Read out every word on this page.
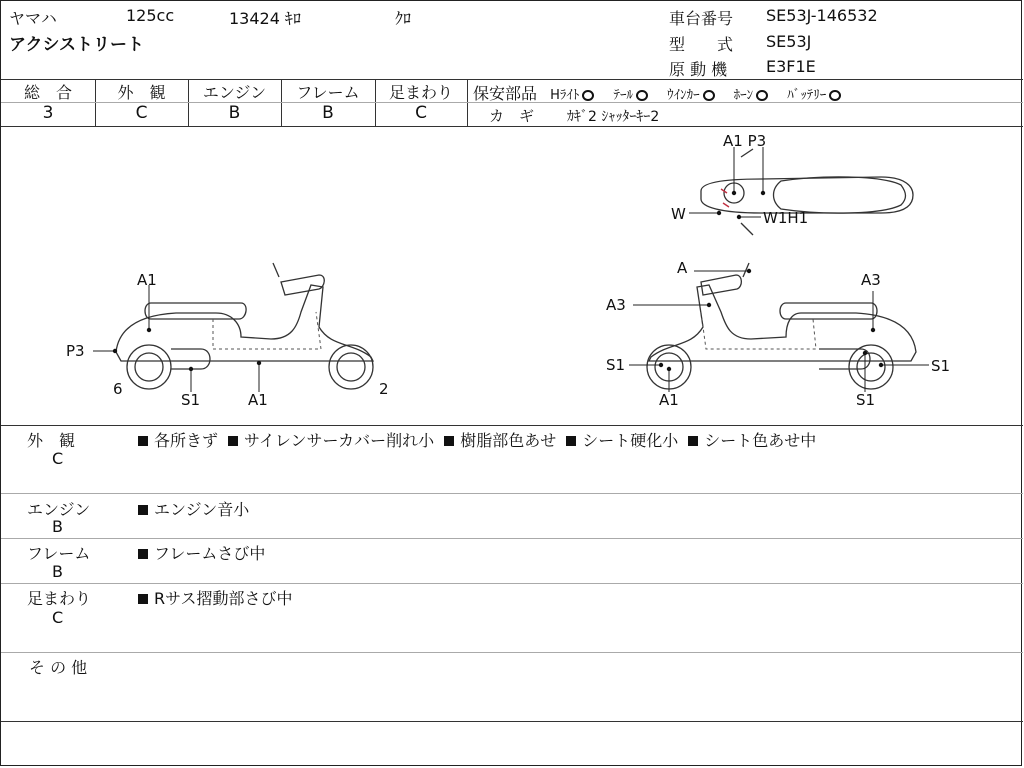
ヤマハ	125cc	13424 ｷﾛ	ｸﾛ
アクシストリート
車台番号 SE53J-146532
型　　式 SE53J
原 動 機 E3F1E
総　合
3
外　観
C
エンジン
B
フレーム
B
足まわり
C
保安部品 Hﾗｲﾄ	ﾃｰﾙ	ｳｲﾝｶｰ	ﾎｰﾝ	ﾊﾞｯﾃﾘｰ
カ　ギ ｶｷﾞ2 ｼｬｯﾀｰｷｰ2
A1 P3
W	W1H1
A1
P3
6
S1	A1
2
A
A3
A3
S1	S1
A1	S1
外　観
C
各所きず サイレンサーカバー削れ小 樹脂部色あせ シート硬化小 シート色あせ中
エンジン
B
エンジン音小
フレーム
B
フレームさび中
足まわり
C
Rサス摺動部さび中
そ の 他
